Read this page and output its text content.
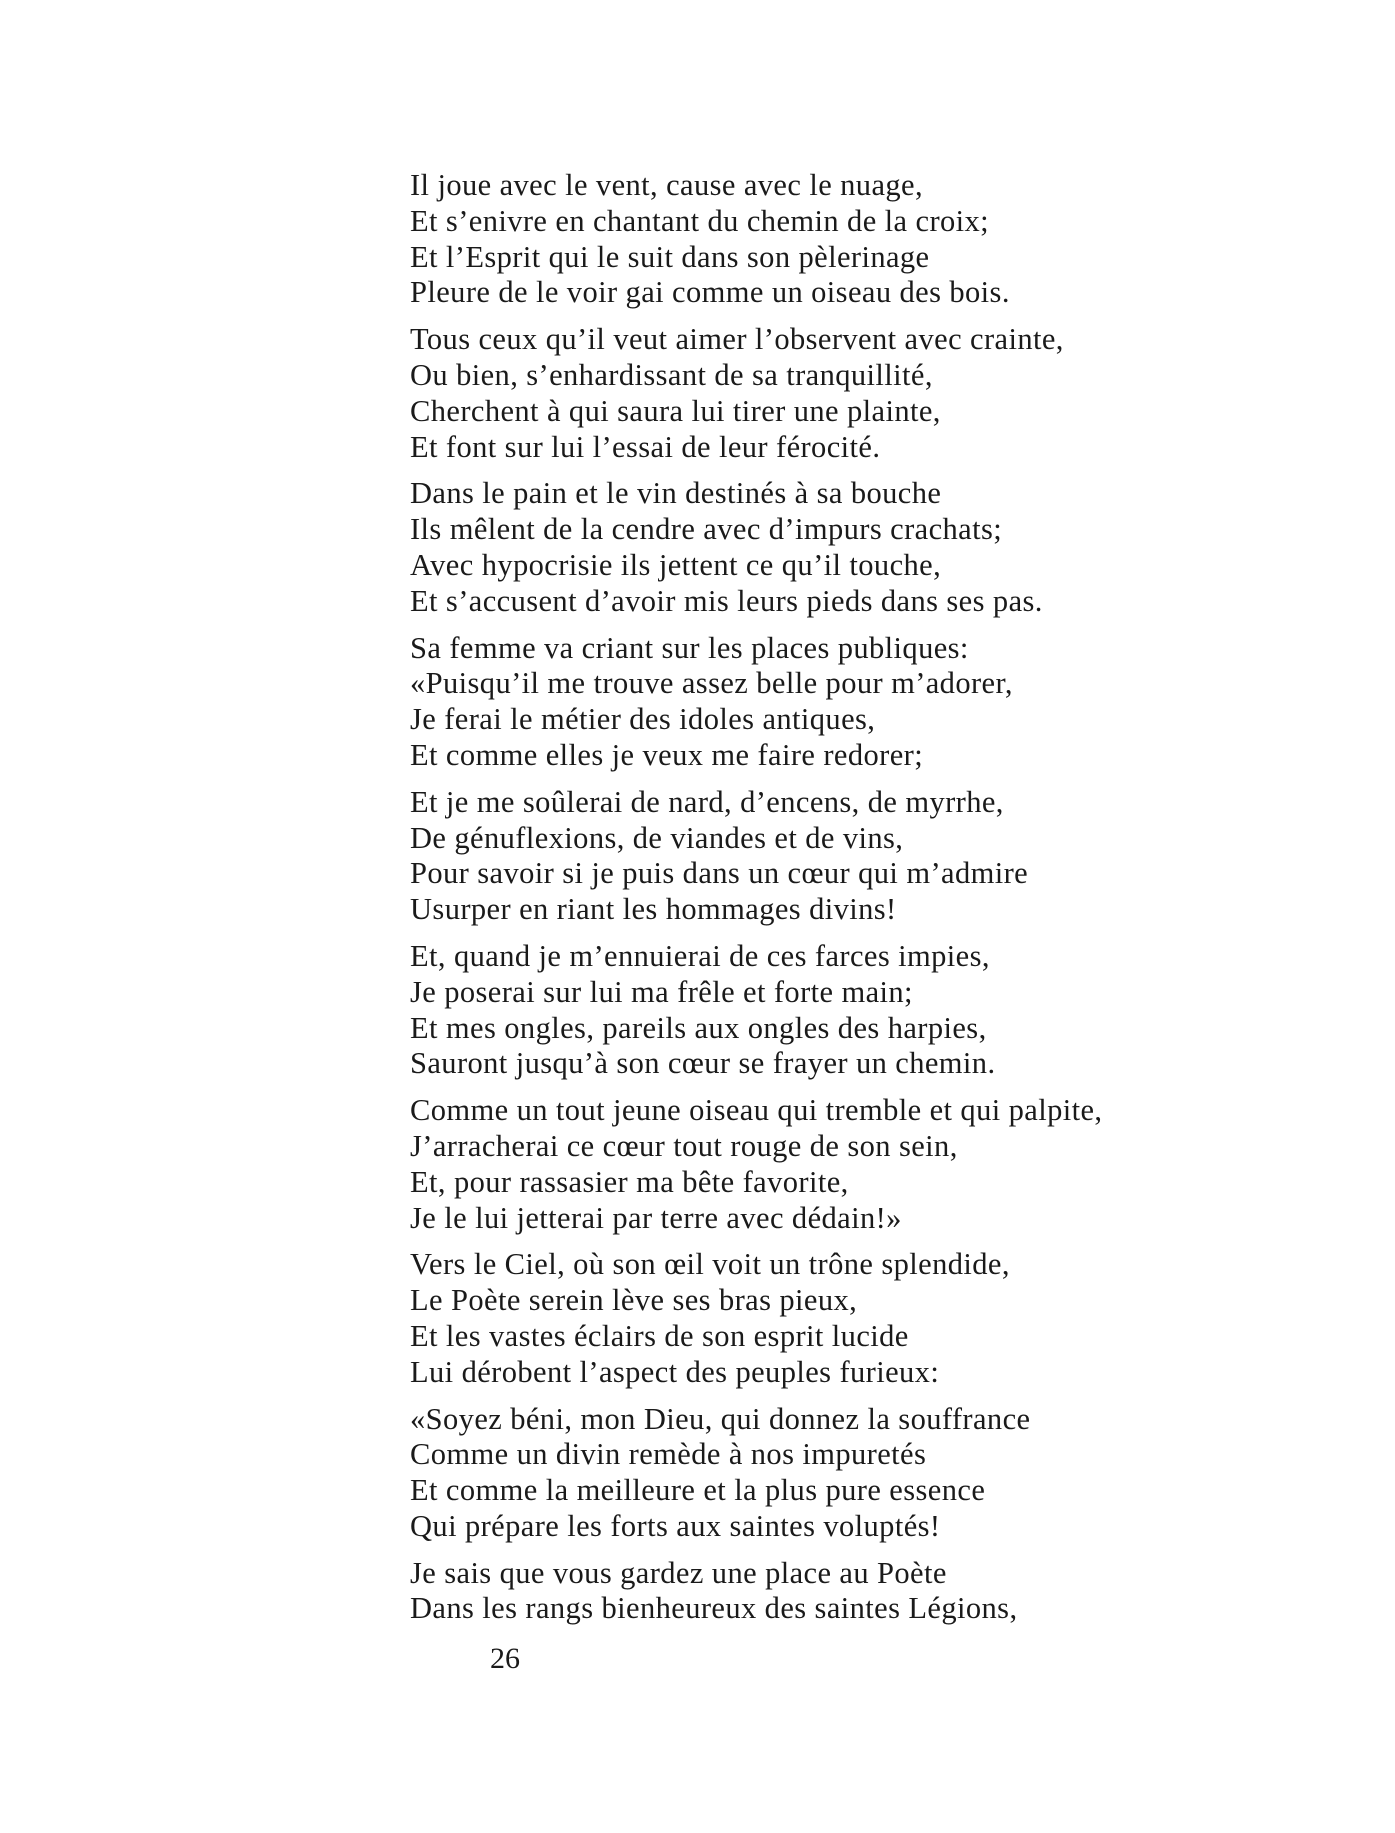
Il joue avec le vent, cause avec le nuage,
Et s’enivre en chantant du chemin de la croix;
Et l’Esprit qui le suit dans son pèlerinage
Pleure de le voir gai comme un oiseau des bois.
Tous ceux qu’il veut aimer l’observent avec crainte,
Ou bien, s’enhardissant de sa tranquillité,
Cherchent à qui saura lui tirer une plainte,
Et font sur lui l’essai de leur férocité.
Dans le pain et le vin destinés à sa bouche
Ils mêlent de la cendre avec d’impurs crachats;
Avec hypocrisie ils jettent ce qu’il touche,
Et s’accusent d’avoir mis leurs pieds dans ses pas.
Sa femme va criant sur les places publiques:
«Puisqu’il me trouve assez belle pour m’adorer,
Je ferai le métier des idoles antiques,
Et comme elles je veux me faire redorer;
Et je me soûlerai de nard, d’encens, de myrrhe,
De génuflexions, de viandes et de vins,
Pour savoir si je puis dans un cœur qui m’admire
Usurper en riant les hommages divins!
Et, quand je m’ennuierai de ces farces impies,
Je poserai sur lui ma frêle et forte main;
Et mes ongles, pareils aux ongles des harpies,
Sauront jusqu’à son cœur se frayer un chemin.
Comme un tout jeune oiseau qui tremble et qui palpite,
J’arracherai ce cœur tout rouge de son sein,
Et, pour rassasier ma bête favorite,
Je le lui jetterai par terre avec dédain!»
Vers le Ciel, où son œil voit un trône splendide,
Le Poète serein lève ses bras pieux,
Et les vastes éclairs de son esprit lucide
Lui dérobent l’aspect des peuples furieux:
«Soyez béni, mon Dieu, qui donnez la souffrance
Comme un divin remède à nos impuretés
Et comme la meilleure et la plus pure essence
Qui prépare les forts aux saintes voluptés!
Je sais que vous gardez une place au Poète
Dans les rangs bienheureux des saintes Légions,
26
